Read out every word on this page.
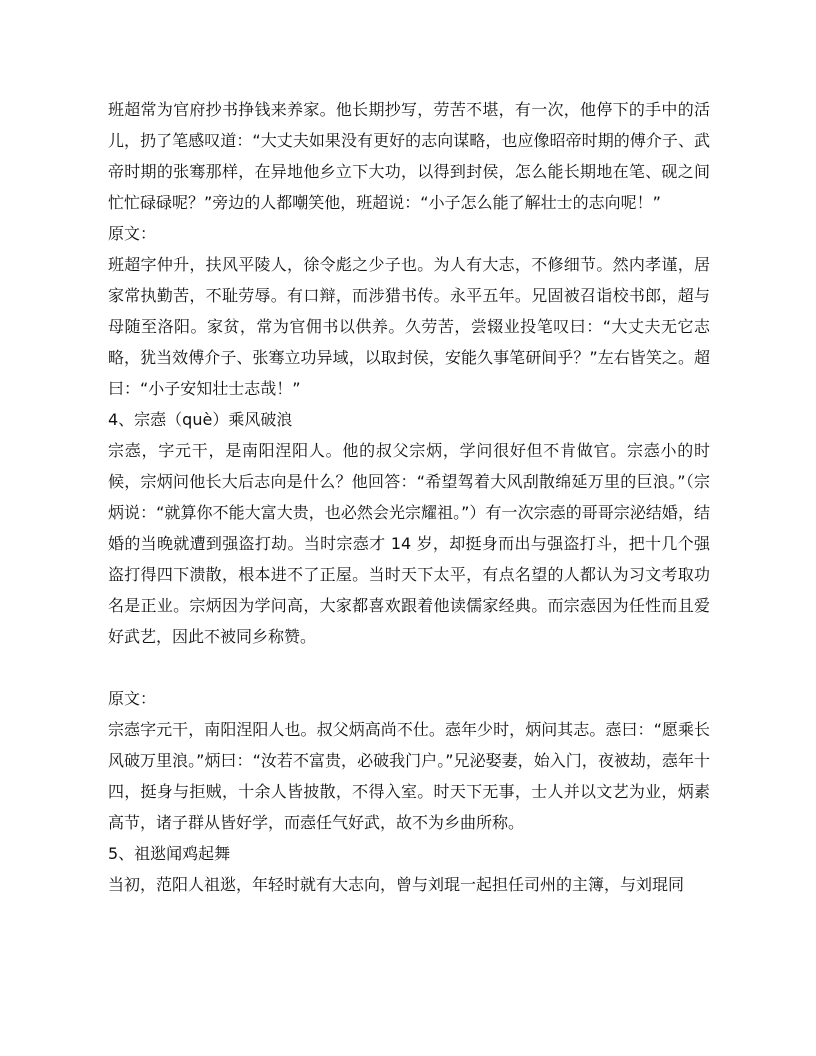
班超常为官府抄书挣钱来养家。他长期抄写，劳苦不堪，有一次，他停下的手中的活儿，扔了笔感叹道：“大丈夫如果没有更好的志向谋略，也应像昭帝时期的傅介子、武帝时期的张骞那样，在异地他乡立下大功，以得到封侯，怎么能长期地在笔、砚之间忙忙碌碌呢？”旁边的人都嘲笑他，班超说：“小子怎么能了解壮士的志向呢！”

原文：

班超字仲升，扶风平陵人，徐令彪之少子也。为人有大志，不修细节。然内孝谨，居家常执勤苦，不耻劳辱。有口辩，而涉猎书传。永平五年。兄固被召诣校书郎，超与母随至洛阳。家贫，常为官佣书以供养。久劳苦，尝辍业投笔叹曰：“大丈夫无它志略，犹当效傅介子、张骞立功异域，以取封侯，安能久事笔研间乎？”左右皆笑之。超曰：“小子安知壮士志哉！”

4、宗悫（què）乘风破浪

宗悫，字元干，是南阳涅阳人。他的叔父宗炳，学问很好但不肯做官。宗悫小的时候，宗炳问他长大后志向是什么？他回答：“希望驾着大风刮散绵延万里的巨浪。”（宗炳说：“就算你不能大富大贵，也必然会光宗耀祖。”）有一次宗悫的哥哥宗泌结婚，结婚的当晚就遭到强盗打劫。当时宗悫才 14 岁，却挺身而出与强盗打斗，把十几个强盗打得四下溃散，根本进不了正屋。当时天下太平，有点名望的人都认为习文考取功名是正业。宗炳因为学问高，大家都喜欢跟着他读儒家经典。而宗悫因为任性而且爱好武艺，因此不被同乡称赞。

原文：

宗悫字元干，南阳涅阳人也。叔父炳高尚不仕。悫年少时，炳问其志。悫曰：“愿乘长风破万里浪。”炳曰：“汝若不富贵，必破我门户。”兄泌娶妻，始入门，夜被劫，悫年十四，挺身与拒贼，十余人皆披散，不得入室。时天下无事，士人并以文艺为业，炳素高节，诸子群从皆好学，而悫任气好武，故不为乡曲所称。

5、祖逖闻鸡起舞

当初，范阳人祖逖，年轻时就有大志向，曾与刘琨一起担任司州的主簿，与刘琨同
